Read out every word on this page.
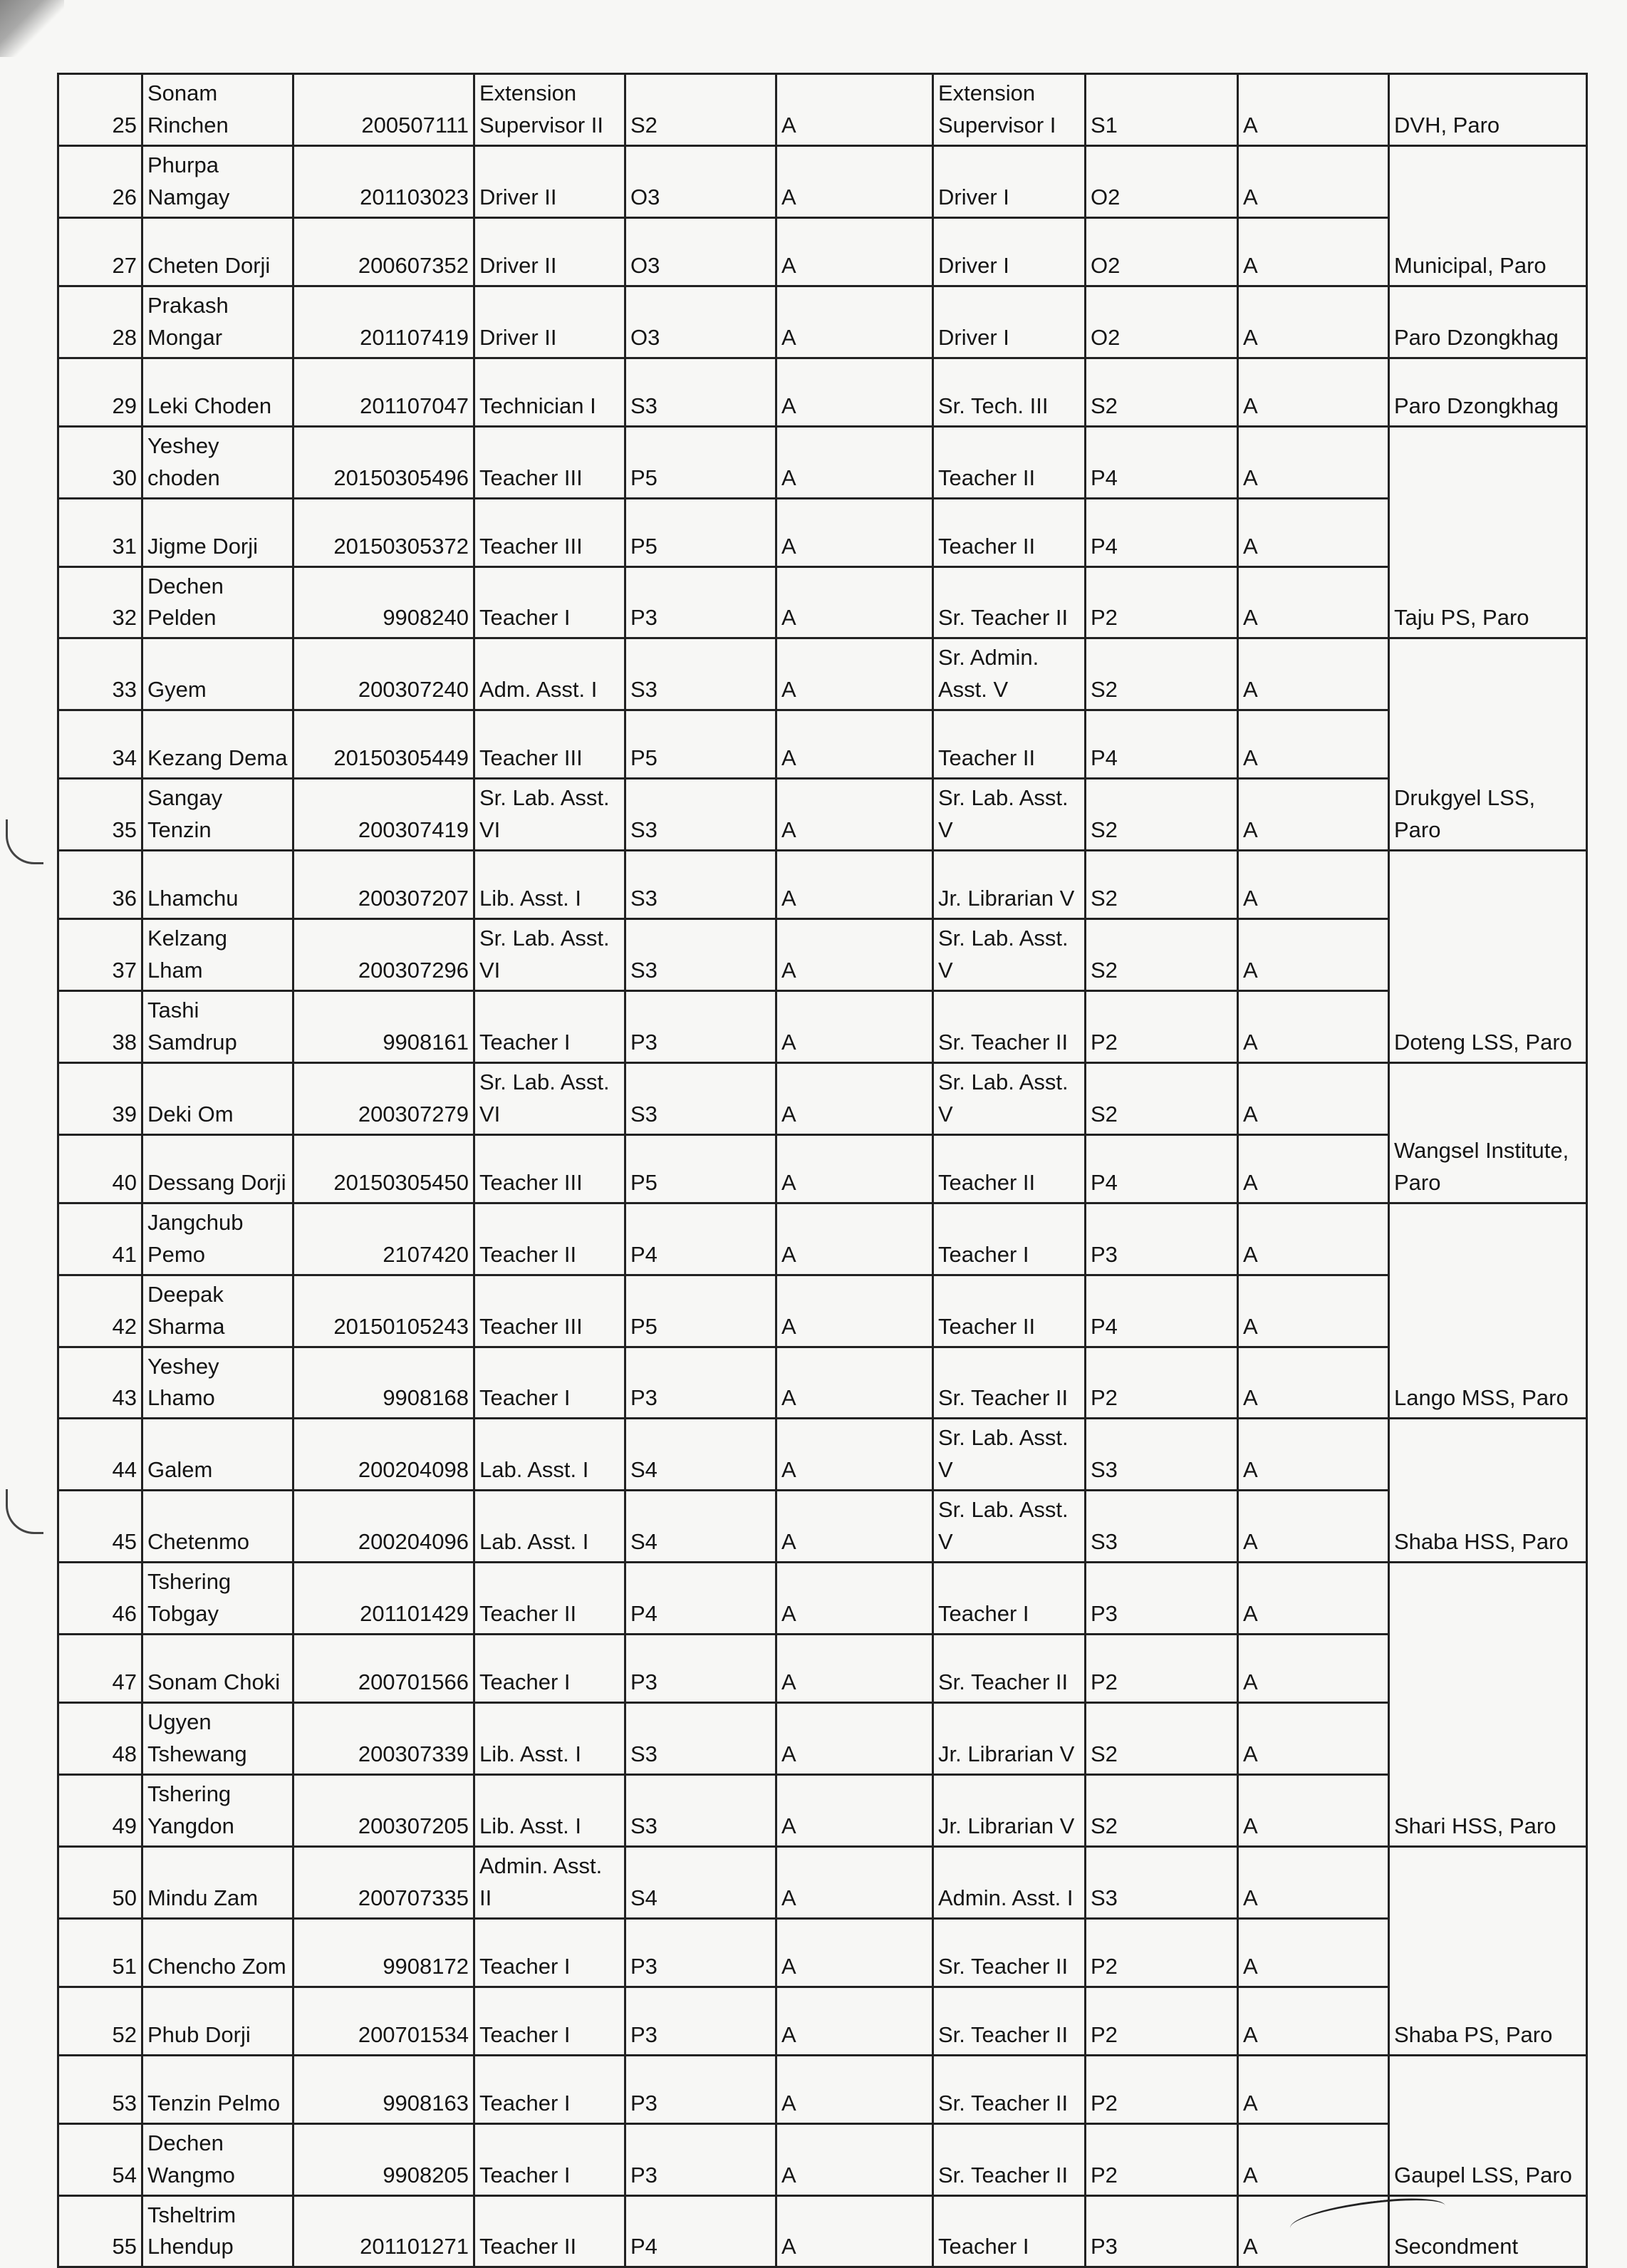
25	Sonam Rinchen	200507111	Extension Supervisor II	S2	A	Extension Supervisor I	S1	A	DVH, Paro
26	Phurpa Namgay	201103023	Driver II	O3	A	Driver I	O2	A	Municipal, Paro
27	Cheten Dorji	200607352	Driver II	O3	A	Driver I	O2	A	
28	Prakash Mongar	201107419	Driver II	O3	A	Driver I	O2	A	Paro Dzongkhag
29	Leki Choden	201107047	Technician I	S3	A	Sr. Tech. III	S2	A	Paro Dzongkhag
30	Yeshey choden	20150305496	Teacher III	P5	A	Teacher II	P4	A	Taju PS, Paro
31	Jigme Dorji	20150305372	Teacher III	P5	A	Teacher II	P4	A	
32	Dechen Pelden	9908240	Teacher I	P3	A	Sr. Teacher II	P2	A	
33	Gyem	200307240	Adm. Asst. I	S3	A	Sr. Admin. Asst. V	S2	A	Drukgyel LSS, Paro
34	Kezang Dema	20150305449	Teacher III	P5	A	Teacher II	P4	A	
35	Sangay Tenzin	200307419	Sr. Lab. Asst. VI	S3	A	Sr. Lab. Asst. V	S2	A	
36	Lhamchu	200307207	Lib. Asst. I	S3	A	Jr. Librarian V	S2	A	Doteng LSS, Paro
37	Kelzang Lham	200307296	Sr. Lab. Asst. VI	S3	A	Sr. Lab. Asst. V	S2	A	
38	Tashi Samdrup	9908161	Teacher I	P3	A	Sr. Teacher II	P2	A	
39	Deki Om	200307279	Sr. Lab. Asst. VI	S3	A	Sr. Lab. Asst. V	S2	A	Wangsel Institute, Paro
40	Dessang Dorji	20150305450	Teacher III	P5	A	Teacher II	P4	A	
41	Jangchub Pemo	2107420	Teacher II	P4	A	Teacher I	P3	A	Lango MSS, Paro
42	Deepak Sharma	20150105243	Teacher III	P5	A	Teacher II	P4	A	
43	Yeshey Lhamo	9908168	Teacher I	P3	A	Sr. Teacher II	P2	A	
44	Galem	200204098	Lab. Asst. I	S4	A	Sr. Lab. Asst. V	S3	A	Shaba HSS, Paro
45	Chetenmo	200204096	Lab. Asst. I	S4	A	Sr. Lab. Asst. V	S3	A	
46	Tshering Tobgay	201101429	Teacher II	P4	A	Teacher I	P3	A	Shari HSS, Paro
47	Sonam Choki	200701566	Teacher I	P3	A	Sr. Teacher II	P2	A	
48	Ugyen Tshewang	200307339	Lib. Asst. I	S3	A	Jr. Librarian V	S2	A	
49	Tshering Yangdon	200307205	Lib. Asst. I	S3	A	Jr. Librarian V	S2	A	
50	Mindu Zam	200707335	Admin. Asst. II	S4	A	Admin. Asst. I	S3	A	Shaba PS, Paro
51	Chencho Zom	9908172	Teacher I	P3	A	Sr. Teacher II	P2	A	
52	Phub Dorji	200701534	Teacher I	P3	A	Sr. Teacher II	P2	A	
53	Tenzin Pelmo	9908163	Teacher I	P3	A	Sr. Teacher II	P2	A	Gaupel LSS, Paro
54	Dechen Wangmo	9908205	Teacher I	P3	A	Sr. Teacher II	P2	A	
55	Tsheltrim Lhendup	201101271	Teacher II	P4	A	Teacher I	P3	A	Secondment
